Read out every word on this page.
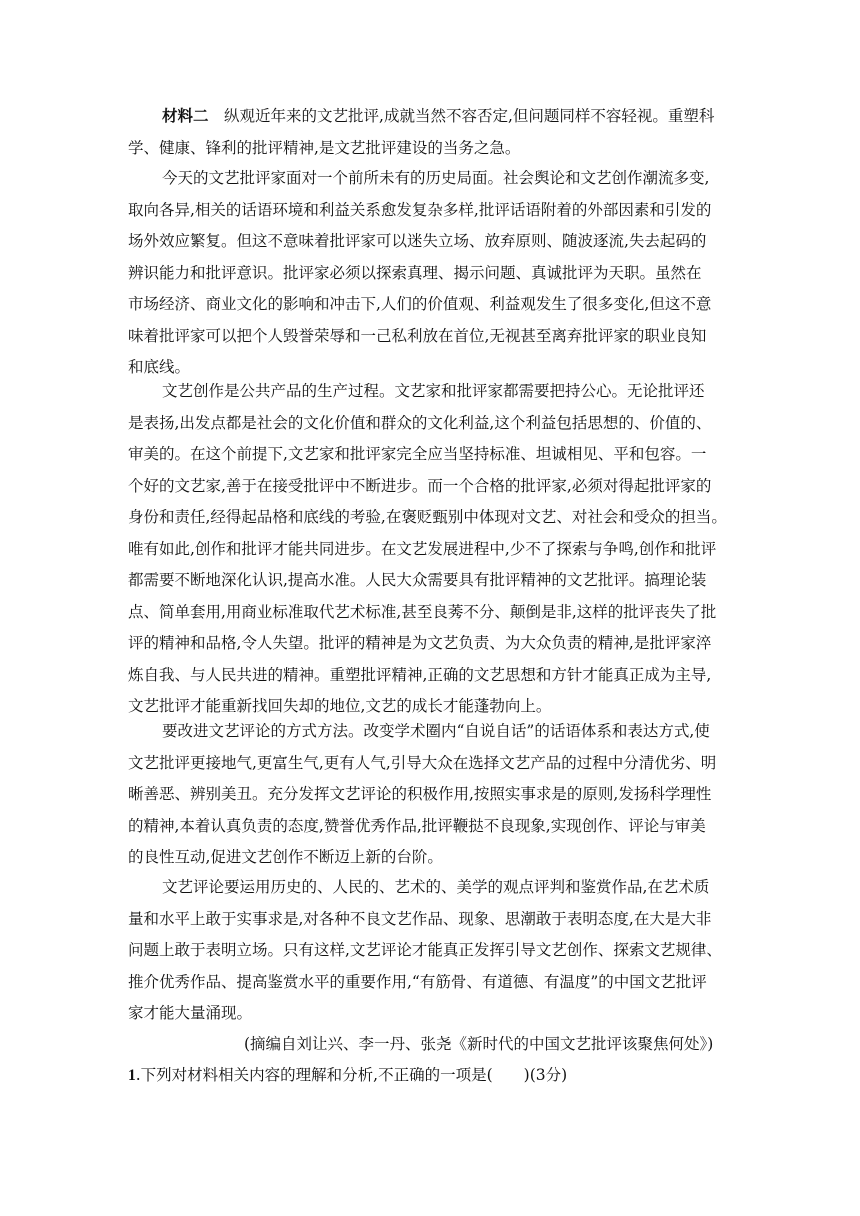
材料二　 纵观近年来的文艺批评,成就当然不容否定,但问题同样不容轻视。重塑科
学、健康、锋利的批评精神,是文艺批评建设的当务之急。
今天的文艺批评家面对一个前所未有的历史局面。社会舆论和文艺创作潮流多变,
取向各异,相关的话语环境和利益关系愈发复杂多样,批评话语附着的外部因素和引发的
场外效应繁复。但这不意味着批评家可以迷失立场、放弃原则、随波逐流,失去起码的
辨识能力和批评意识。批评家必须以探索真理、揭示问题、真诚批评为天职。虽然在
市场经济、商业文化的影响和冲击下,人们的价值观、利益观发生了很多变化,但这不意
味着批评家可以把个人毁誉荣辱和一己私利放在首位,无视甚至离弃批评家的职业良知
和底线。
文艺创作是公共产品的生产过程。文艺家和批评家都需要把持公心。无论批评还
是表扬,出发点都是社会的文化价值和群众的文化利益,这个利益包括思想的、价值的、
审美的。在这个前提下,文艺家和批评家完全应当坚持标准、坦诚相见、平和包容。一
个好的文艺家,善于在接受批评中不断进步。而一个合格的批评家,必须对得起批评家的
身份和责任,经得起品格和底线的考验,在褒贬甄别中体现对文艺、对社会和受众的担当。
唯有如此,创作和批评才能共同进步。在文艺发展进程中,少不了探索与争鸣,创作和批评
都需要不断地深化认识,提高水准。人民大众需要具有批评精神的文艺批评。搞理论装
点、简单套用,用商业标准取代艺术标准,甚至良莠不分、颠倒是非,这样的批评丧失了批
评的精神和品格,令人失望。批评的精神是为文艺负责、为大众负责的精神,是批评家淬
炼自我、与人民共进的精神。重塑批评精神,正确的文艺思想和方针才能真正成为主导,
文艺批评才能重新找回失却的地位,文艺的成长才能蓬勃向上。
要改进文艺评论的方式方法。改变学术圈内“自说自话”的话语体系和表达方式,使
文艺批评更接地气,更富生气,更有人气,引导大众在选择文艺产品的过程中分清优劣、明
晰善恶、辨别美丑。充分发挥文艺评论的积极作用,按照实事求是的原则,发扬科学理性
的精神,本着认真负责的态度,赞誉优秀作品,批评鞭挞不良现象,实现创作、评论与审美
的良性互动,促进文艺创作不断迈上新的台阶。
文艺评论要运用历史的、人民的、艺术的、美学的观点评判和鉴赏作品,在艺术质
量和水平上敢于实事求是,对各种不良文艺作品、现象、思潮敢于表明态度,在大是大非
问题上敢于表明立场。只有这样,文艺评论才能真正发挥引导文艺创作、探索文艺规律、
推介优秀作品、提高鉴赏水平的重要作用,“有筋骨、有道德、有温度”的中国文艺批评
家才能大量涌现。
(摘编自刘让兴、李一丹、张尧《新时代的中国文艺批评该聚焦何处》)
1.下列对材料相关内容的理解和分析,不正确的一项是(　　)(3分)
